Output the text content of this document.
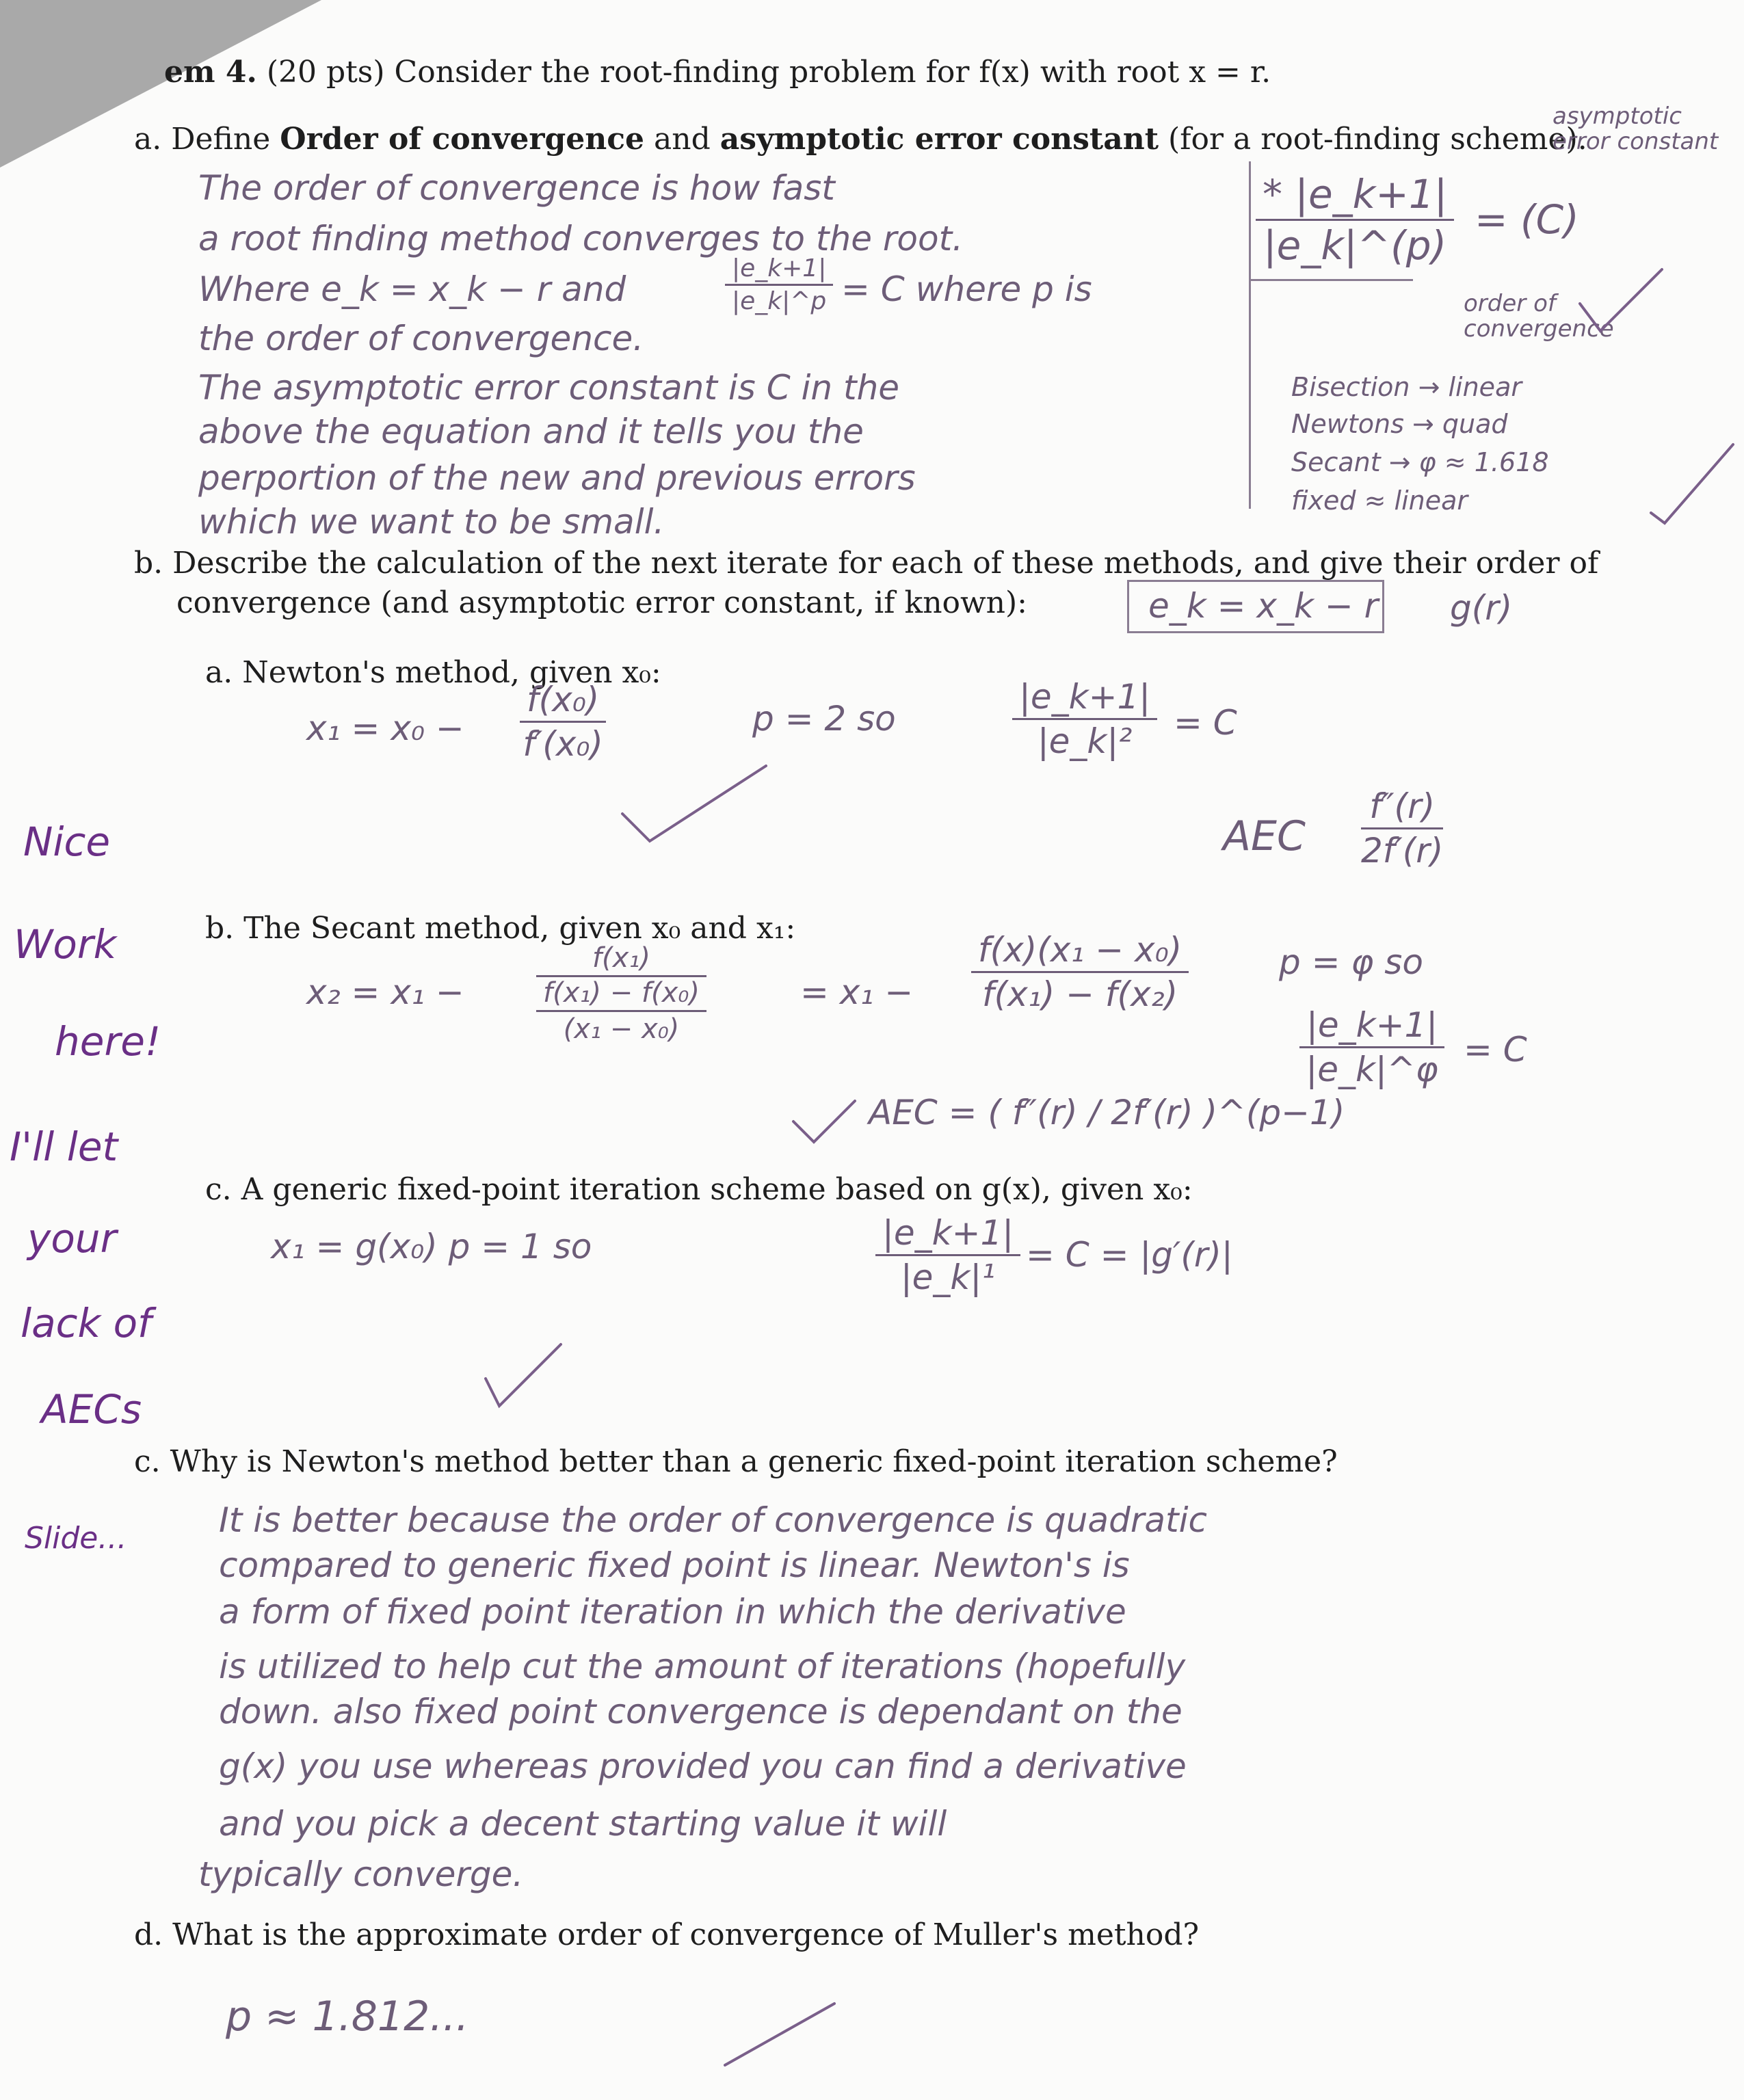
em 4. (20 pts) Consider the root-finding problem for f(x) with root x = r.
a. Define Order of convergence and asymptotic error constant (for a root-finding scheme).
The order of convergence is how fast
a root finding method converges to the root.
Where e_k = x_k − r and	$\frac{|e\_k+1|}{|e\_k|\^{}p} = C$ where p is
the order of convergence.
The asymptotic error constant is C in the
above the equation and it tells you the
perportion of the new and previous errors
which we want to be small.
$\frac{* |e\_k+1|}{|e\_k|\^{}(p)} = (C)$
asymptotic error constant
order of convergence
Bisection → linear
Newtons → quad
Secant → φ ≈ 1.618
fixed ≈ linear
b. Describe the calculation of the next iterate for each of these methods, and give their order of
convergence (and asymptotic error constant, if known):	e_k = x_k − r g(r)
a. Newton's method, given x₀:
$x_1 = x_0 - \frac{\text{f(x₀)}}{\text{f′(x₀)}}$	p = 2 so	$\frac{|e\_k+1|}{\text{|e\_k|²}} = C$
AEC $\frac{f''(r)}{2f'(r)}$
b. The Secant method, given x₀ and x₁:
x₂ = x₁ −
f(x₁)
f(x₁) − f(x₀)
(x₁ − x₀)
= $x_1 - \frac{\text{f(x)(x₁ − x₀)}}{\text{f(x₁) − f(x₂)}}$	p = φ so
$\frac{|e\_k+1|}{|e\_k|\^{}\varphi} = C$
AEC = ( f″(r) / 2f′(r) )^(p−1)
c. A generic fixed-point iteration scheme based on g(x), given x₀:
x₁ = g(x₀) p = 1 so	$\frac{|e\_k+1|}{\text{|e\_k|¹}} = C = |g'(r)|$
Nice
Work
here!
I'll let
your
lack of
AECs
Slide...
c. Why is Newton's method better than a generic fixed-point iteration scheme?
It is better because the order of convergence is quadratic
compared to generic fixed point is linear. Newton's is
a form of fixed point iteration in which the derivative
is utilized to help cut the amount of iterations (hopefully
down. also fixed point convergence is dependant on the
g(x) you use whereas provided you can find a derivative
and you pick a decent starting value it will
typically converge.
d. What is the approximate order of convergence of Muller's method?
p ≈ 1.812...
